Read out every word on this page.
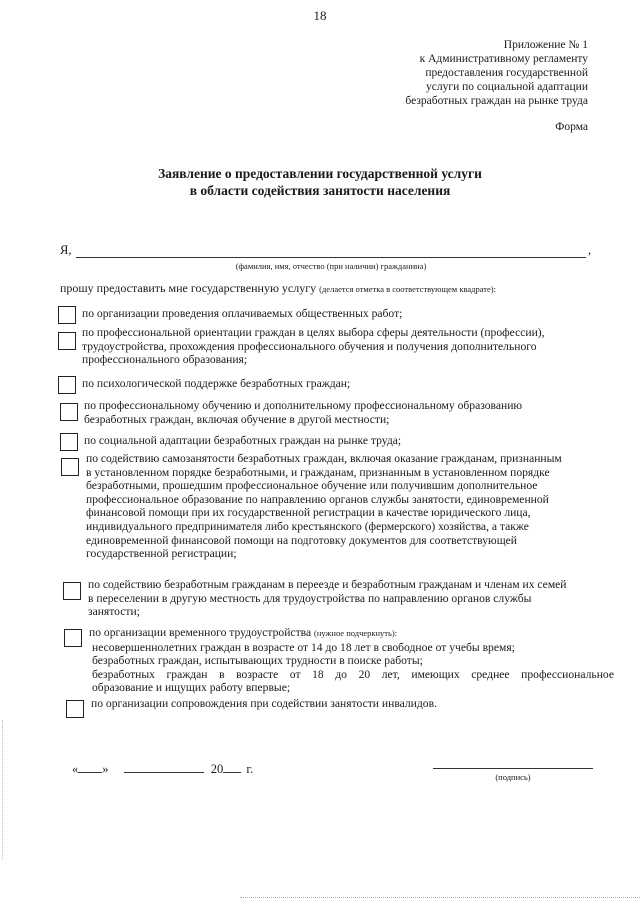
18
Приложение № 1
к Административному регламенту
предоставления государственной
услуги по социальной адаптации
безработных граждан на рынке труда
Форма
Заявление о предоставлении государственной услуги
в области содействия занятости населения
Я,	,
(фамилия, имя, отчество (при наличии) гражданина)
прошу предоставить мне государственную услугу (делается отметка в соответствующем квадрате):
по организации проведения оплачиваемых общественных работ;
по профессиональной ориентации граждан в целях выбора сферы деятельности (профессии),
трудоустройства, прохождения профессионального обучения и получения дополнительного
профессионального образования;
по психологической поддержке безработных граждан;
по профессиональному обучению и дополнительному профессиональному образованию
безработных граждан, включая обучение в другой местности;
по социальной адаптации безработных граждан на рынке труда;
по содействию самозанятости безработных граждан, включая оказание гражданам, признанным
в установленном порядке безработными, и гражданам, признанным в установленном порядке
безработными, прошедшим профессиональное обучение или получившим дополнительное
профессиональное образование по направлению органов службы занятости, единовременной
финансовой помощи при их государственной регистрации в качестве юридического лица,
индивидуального предпринимателя либо крестьянского (фермерского) хозяйства, а также
единовременной финансовой помощи на подготовку документов для соответствующей
государственной регистрации;
по содействию безработным гражданам в переезде и безработным гражданам и членам их семей
в переселении в другую местность для трудоустройства по направлению органов службы
занятости;
по организации временного трудоустройства (нужное подчеркнуть):
несовершеннолетних граждан в возрасте от 14 до 18 лет в свободное от учебы время;
безработных граждан, испытывающих трудности в поиске работы;
безработных граждан в возрасте от 18 до 20 лет, имеющих среднее профессиональное
образование и ищущих работу впервые;
по организации сопровождения при содействии занятости инвалидов.
« »	20 г.
(подпись)
